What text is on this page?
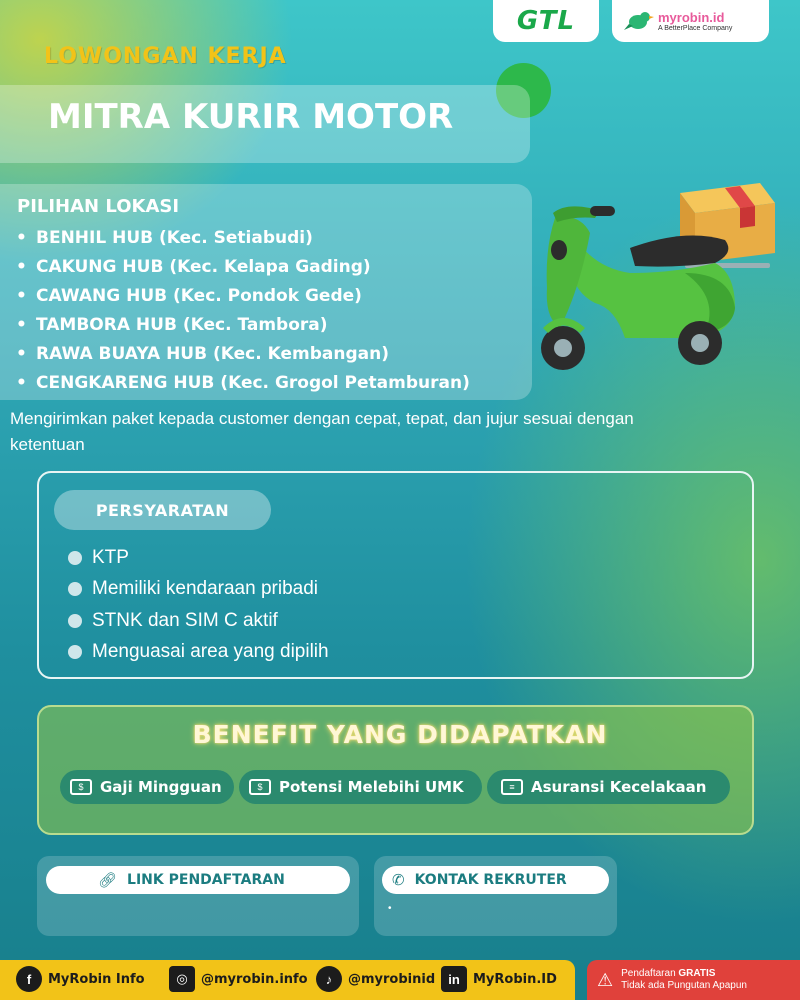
GTL	myrobin.id
A BetterPlace Company
LOWONGAN KERJA
MITRA KURIR MOTOR
PILIHAN LOKASI
• BENHIL HUB (Kec. Setiabudi)
• CAKUNG HUB (Kec. Kelapa Gading)
• CAWANG HUB (Kec. Pondok Gede)
• TAMBORA HUB (Kec. Tambora)
• RAWA BUAYA HUB (Kec. Kembangan)
• CENGKARENG HUB (Kec. Grogol Petamburan)
Mengirimkan paket kepada customer dengan cepat, tepat, dan jujur sesuai dengan ketentuan
PERSYARATAN
KTP
Memiliki kendaraan pribadi
STNK dan SIM C aktif
Menguasai area yang dipilih
BENEFIT YANG DIDAPATKAN
$	Gaji Mingguan	$	Potensi Melebihi UMK	≡	Asuransi Kecelakaan
🔗︎ LINK PENDAFTARAN	✆ KONTAK REKRUTER
•
f	MyRobin Info	◎	@myrobin.info	♪	@myrobinid	in	MyRobin.ID ⚠ Pendaftaran GRATIS
Tidak ada Pungutan Apapun
